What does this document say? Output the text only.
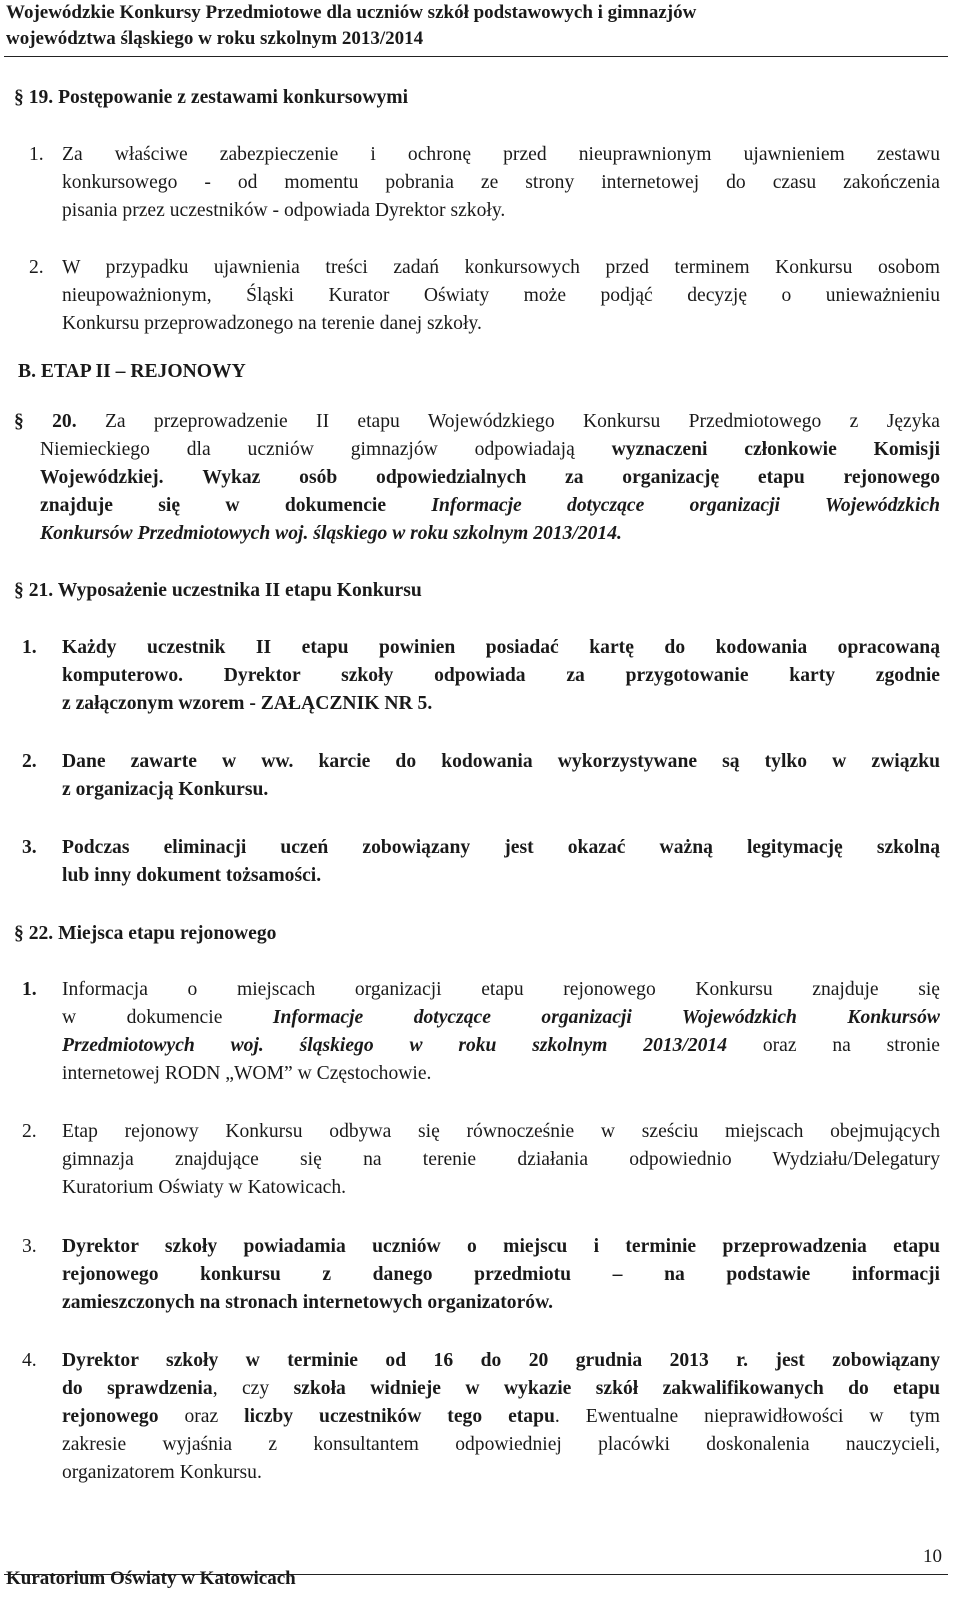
Wojewódzkie Konkursy Przedmiotowe dla uczniów szkół podstawowych i gimnazjów
województwa śląskiego w roku szkolnym 2013/2014
§ 19. Postępowanie z zestawami konkursowymi
1. Za właściwe zabezpieczenie i ochronę przed nieuprawnionym ujawnieniem zestawu
konkursowego - od momentu pobrania ze strony internetowej do czasu zakończenia
pisania przez uczestników - odpowiada Dyrektor szkoły.
2. W przypadku ujawnienia treści zadań konkursowych przed terminem Konkursu osobom
nieupoważnionym, Śląski Kurator Oświaty może podjąć decyzję o unieważnieniu
Konkursu przeprowadzonego na terenie danej szkoły.
B. ETAP II – REJONOWY
§ 20. Za przeprowadzenie II etapu Wojewódzkiego Konkursu Przedmiotowego z Języka
Niemieckiego dla uczniów gimnazjów odpowiadają wyznaczeni członkowie Komisji
Wojewódzkiej. Wykaz osób odpowiedzialnych za organizację etapu rejonowego
znajduje się w dokumencie Informacje dotyczące organizacji Wojewódzkich
Konkursów Przedmiotowych woj. śląskiego w roku szkolnym 2013/2014.
§ 21. Wyposażenie uczestnika II etapu Konkursu
1. Każdy uczestnik II etapu powinien posiadać kartę do kodowania opracowaną
komputerowo. Dyrektor szkoły odpowiada za przygotowanie karty zgodnie
z załączonym wzorem - ZAŁĄCZNIK NR 5.
2. Dane zawarte w ww. karcie do kodowania wykorzystywane są tylko w związku
z organizacją Konkursu.
3. Podczas eliminacji uczeń zobowiązany jest okazać ważną legitymację szkolną
lub inny dokument tożsamości.
§ 22. Miejsca etapu rejonowego
1. Informacja o miejscach organizacji etapu rejonowego Konkursu znajduje się
w dokumencie	Informacje dotyczące organizacji Wojewódzkich Konkursów
Przedmiotowych woj. śląskiego w roku szkolnym 2013/2014 oraz na stronie
internetowej RODN „WOM” w Częstochowie.
2. Etap rejonowy Konkursu odbywa się równocześnie w sześciu miejscach obejmujących
gimnazja znajdujące się na terenie działania odpowiednio Wydziału/Delegatury
Kuratorium Oświaty w Katowicach.
3. Dyrektor szkoły powiadamia uczniów o miejscu i terminie przeprowadzenia etapu
rejonowego konkursu z danego przedmiotu – na podstawie informacji
zamieszczonych na stronach internetowych organizatorów.
4. Dyrektor szkoły w terminie od 16 do 20 grudnia 2013 r. jest zobowiązany
do sprawdzenia, czy szkoła widnieje w wykazie szkół zakwalifikowanych do etapu
rejonowego oraz liczby uczestników tego etapu. Ewentualne nieprawidłowości w tym
zakresie wyjaśnia z konsultantem odpowiedniej placówki doskonalenia nauczycieli,
organizatorem Konkursu.
10
Kuratorium Oświaty w Katowicach
